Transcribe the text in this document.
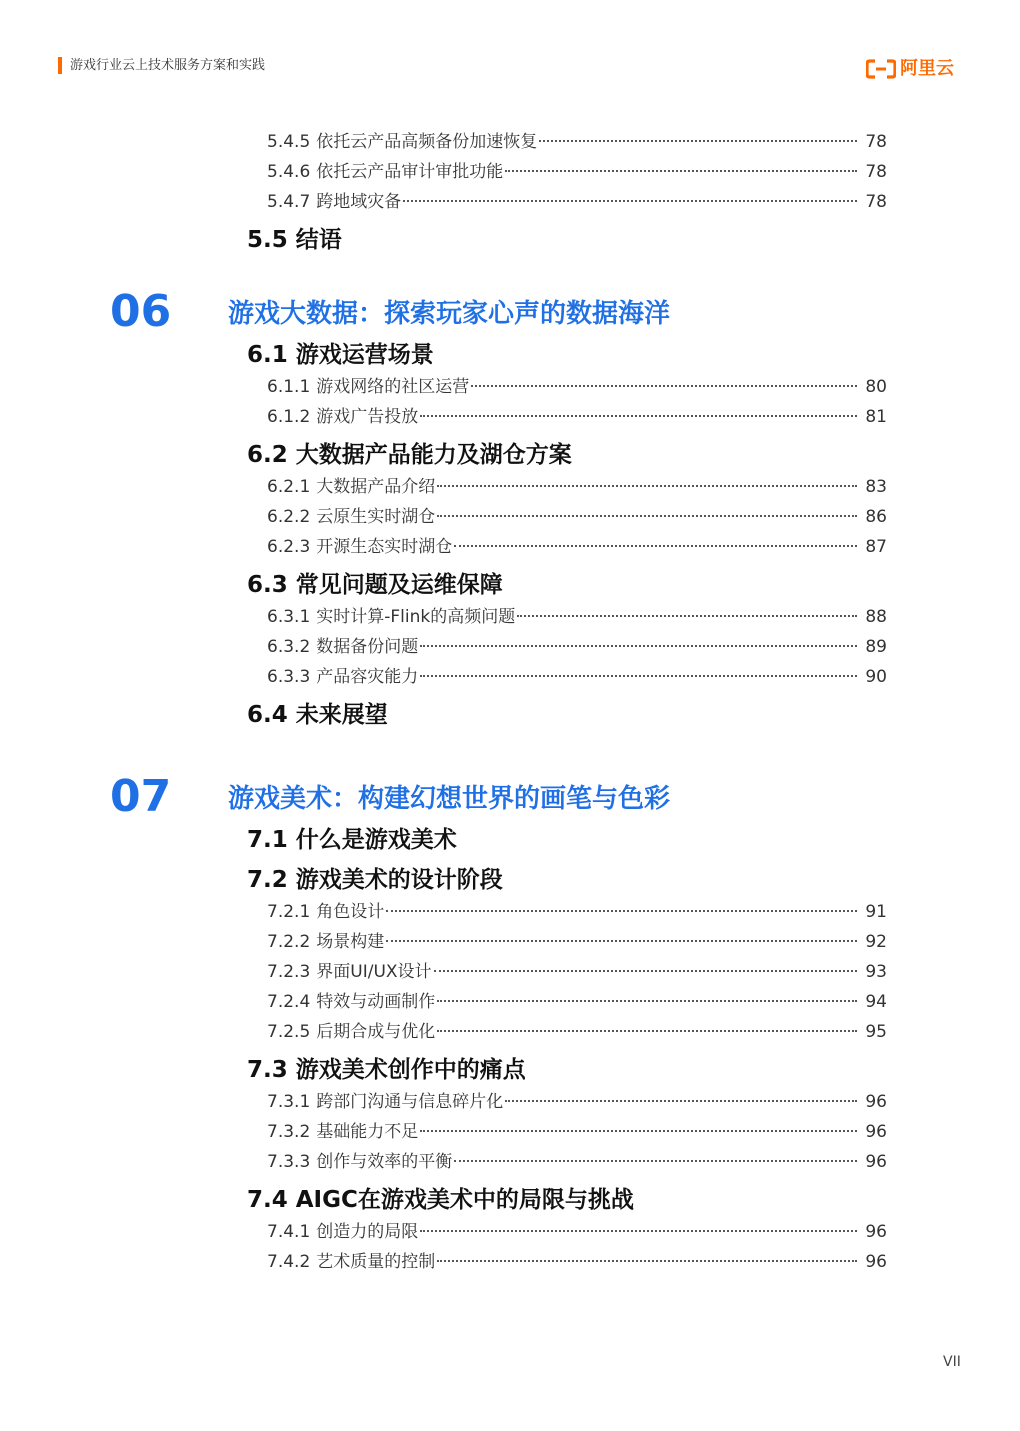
游戏行业云上技术服务方案和实践	阿里云
5.4.5 依托云产品高频备份加速恢复	78
5.4.6 依托云产品审计审批功能	78
5.4.7 跨地域灾备	78
5.5 结语
06 游戏大数据：探索玩家心声的数据海洋
6.1 游戏运营场景
6.1.1 游戏网络的社区运营	80
6.1.2 游戏广告投放	81
6.2 大数据产品能力及湖仓方案
6.2.1 大数据产品介绍	83
6.2.2 云原生实时湖仓	86
6.2.3 开源生态实时湖仓	87
6.3 常见问题及运维保障
6.3.1 实时计算-Flink的高频问题	88
6.3.2 数据备份问题	89
6.3.3 产品容灾能力	90
6.4 未来展望
07 游戏美术：构建幻想世界的画笔与色彩
7.1 什么是游戏美术
7.2 游戏美术的设计阶段
7.2.1 角色设计	91
7.2.2 场景构建	92
7.2.3 界面UI/UX设计	93
7.2.4 特效与动画制作	94
7.2.5 后期合成与优化	95
7.3 游戏美术创作中的痛点
7.3.1 跨部门沟通与信息碎片化	96
7.3.2 基础能力不足	96
7.3.3 创作与效率的平衡	96
7.4 AIGC在游戏美术中的局限与挑战
7.4.1 创造力的局限	96
7.4.2 艺术质量的控制	96
VII
